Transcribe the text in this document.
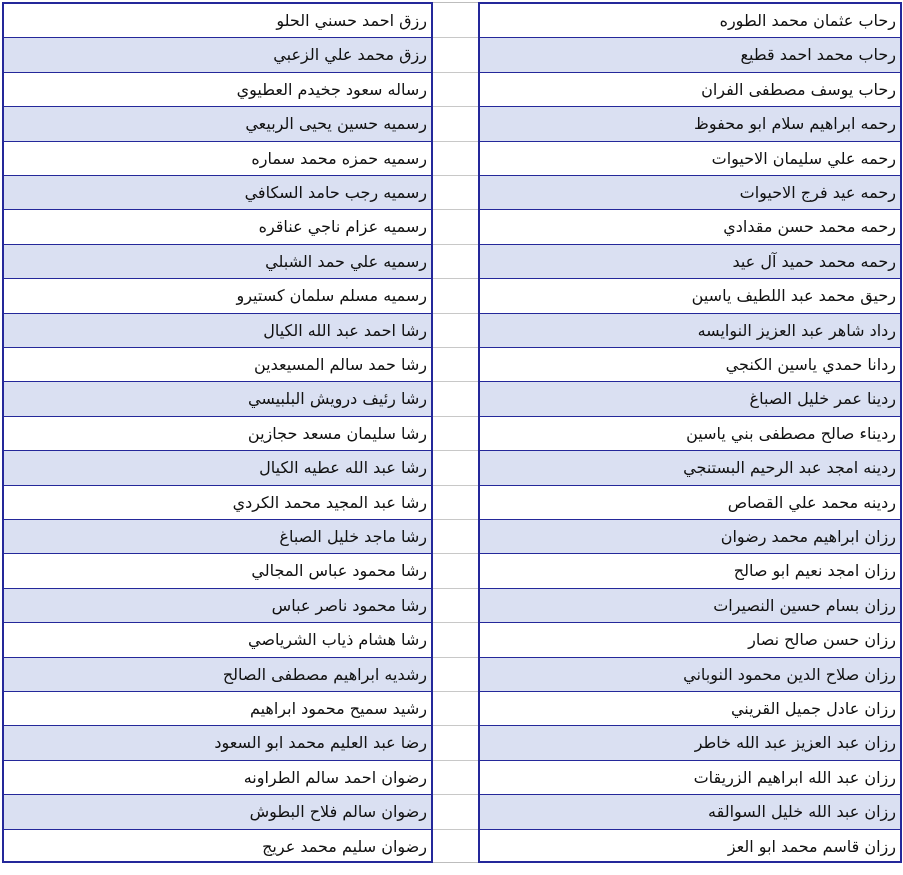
رزق احمد حسني الحلو
رزق محمد علي الزعبي
رساله سعود جخيدم العطيوي
رسميه حسين يحيى الربيعي
رسميه حمزه محمد سماره
رسميه رجب حامد السكافي
رسميه عزام ناجي عناقره
رسميه علي حمد الشبلي
رسميه مسلم سلمان كستيرو
رشا احمد عبد الله الكيال
رشا حمد سالم المسيعدين
رشا رئيف درويش البلبيسي
رشا سليمان مسعد حجازين
رشا عبد الله عطيه الكيال
رشا عبد المجيد محمد الكردي
رشا ماجد خليل الصباغ
رشا محمود عباس المجالي
رشا محمود ناصر عباس
رشا هشام ذياب الشرياصي
رشديه ابراهيم مصطفى الصالح
رشيد سميح محمود ابراهيم
رضا عبد العليم محمد ابو السعود
رضوان احمد سالم الطراونه
رضوان سالم فلاح البطوش
رضوان سليم محمد عريج
رحاب عثمان محمد الطوره
رحاب محمد احمد قطيع
رحاب يوسف مصطفى الفران
رحمه ابراهيم سلام ابو محفوظ
رحمه علي سليمان الاحيوات
رحمه عيد فرج الاحيوات
رحمه محمد حسن مقدادي
رحمه محمد حميد آل عيد
رحيق محمد عبد اللطيف ياسين
رداد شاهر عبد العزيز النوايسه
ردانا حمدي ياسين الكنجي
ردينا عمر خليل الصباغ
رديناء صالح مصطفى بني ياسين
ردينه امجد عبد الرحيم البستنجي
ردينه محمد علي القصاص
رزان ابراهيم محمد رضوان
رزان امجد نعيم ابو صالح
رزان بسام حسين النصيرات
رزان حسن صالح نصار
رزان صلاح الدين محمود النوباني
رزان عادل جميل القريني
رزان عبد العزيز عبد الله خاطر
رزان عبد الله ابراهيم الزريقات
رزان عبد الله خليل السوالقه
رزان قاسم محمد ابو العز
